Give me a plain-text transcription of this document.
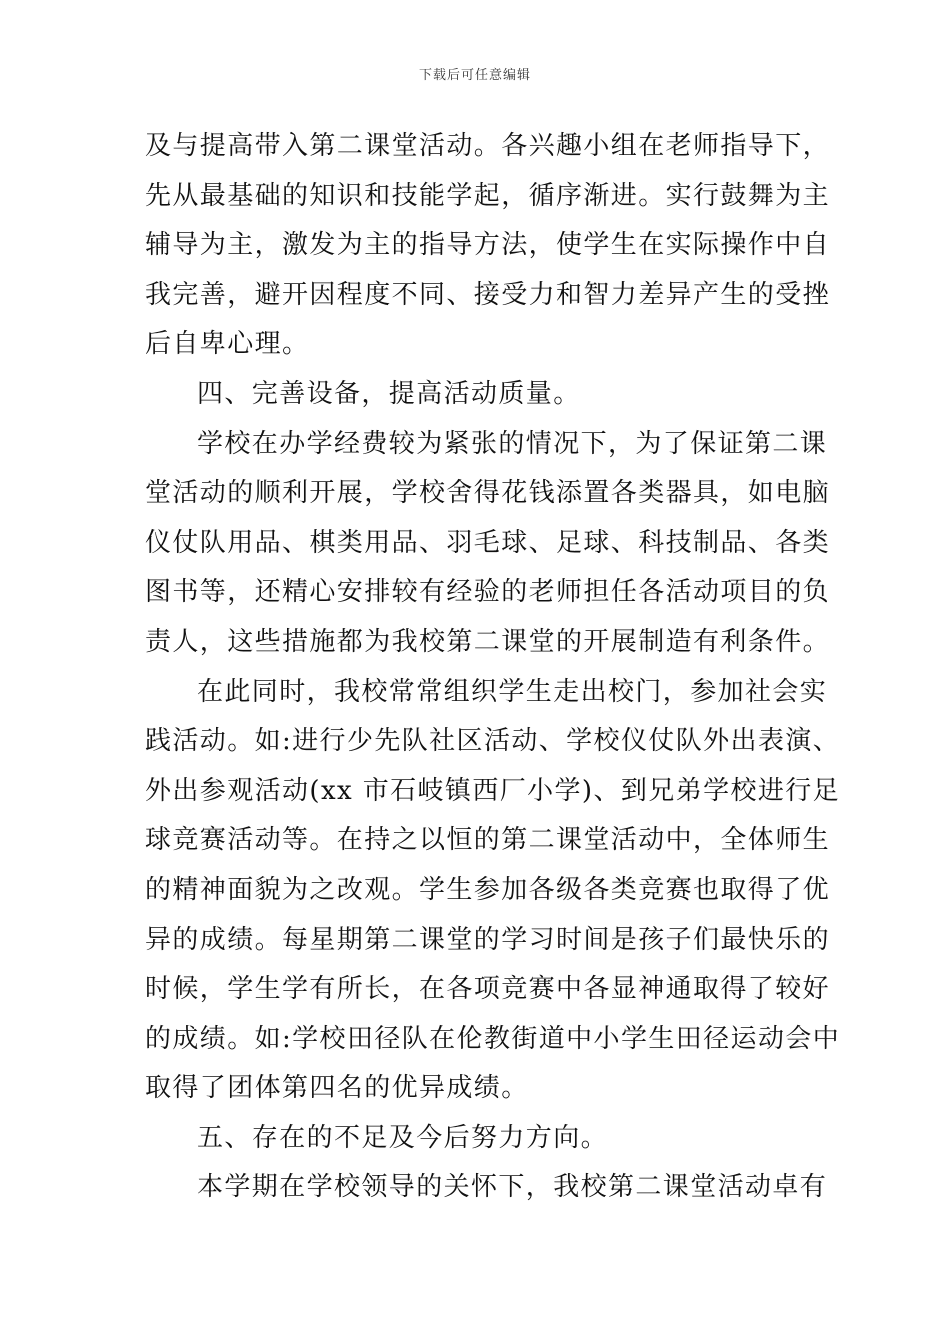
下载后可任意编辑
及与提高带入第二课堂活动。各兴趣小组在老师指导下，
先从最基础的知识和技能学起，循序渐进。实行鼓舞为主
辅导为主，激发为主的指导方法，使学生在实际操作中自
我完善，避开因程度不同、接受力和智力差异产生的受挫
后自卑心理。
四、完善设备，提高活动质量。
学校在办学经费较为紧张的情况下，为了保证第二课
堂活动的顺利开展，学校舍得花钱添置各类器具，如电脑
仪仗队用品、棋类用品、羽毛球、足球、科技制品、各类
图书等，还精心安排较有经验的老师担任各活动项目的负
责人，这些措施都为我校第二课堂的开展制造有利条件。
在此同时，我校常常组织学生走出校门，参加社会实
践活动。如:进行少先队社区活动、学校仪仗队外出表演、
外出参观活动(xx 市石岐镇西厂小学)、到兄弟学校进行足
球竞赛活动等。在持之以恒的第二课堂活动中，全体师生
的精神面貌为之改观。学生参加各级各类竞赛也取得了优
异的成绩。每星期第二课堂的学习时间是孩子们最快乐的
时候，学生学有所长，在各项竞赛中各显神通取得了较好
的成绩。如:学校田径队在伦教街道中小学生田径运动会中
取得了团体第四名的优异成绩。
五、存在的不足及今后努力方向。
本学期在学校领导的关怀下，我校第二课堂活动卓有
